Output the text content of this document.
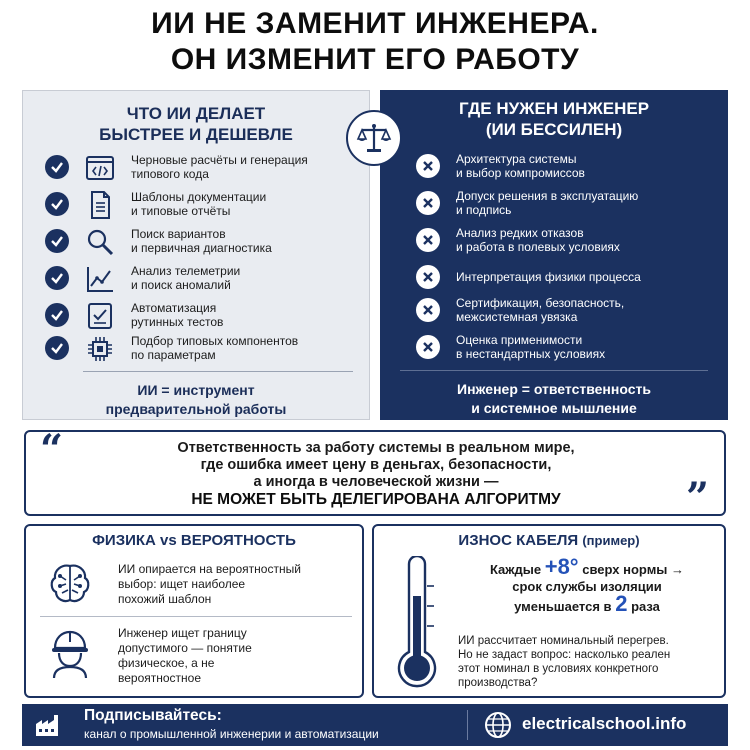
ИИ НЕ ЗАМЕНИТ ИНЖЕНЕРА.
ОН ИЗМЕНИТ ЕГО РАБОТУ
ЧТО ИИ ДЕЛАЕТ
БЫСТРЕЕ И ДЕШЕВЛЕ
Черновые расчёты и генерация
типового кода
Шаблоны документации
и типовые отчёты
Поиск вариантов
и первичная диагностика
Анализ телеметрии
и поиск аномалий
Автоматизация
рутинных тестов
Подбор типовых компонентов
по параметрам
ИИ = инструмент
предварительной работы
ГДЕ НУЖЕН ИНЖЕНЕР
(ИИ БЕССИЛЕН)
Архитектура системы
и выбор компромиссов
Допуск решения в эксплуатацию
и подпись
Анализ редких отказов
и работа в полевых условиях
Интерпретация физики процесса
Сертификация, безопасность,
межсистемная увязка
Оценка применимости
в нестандартных условиях
Инженер = ответственность
и системное мышление
“	Ответственность за работу системы в реальном мире,
где ошибка имеет цену в деньгах, безопасности,
а иногда в человеческой жизни —
НЕ МОЖЕТ БЫТЬ ДЕЛЕГИРОВАНА АЛГОРИТМУ	”
ФИЗИКА vs ВЕРОЯТНОСТЬ
ИИ опирается на вероятностный
выбор: ищет наиболее
похожий шаблон
Инженер ищет границу
допустимого — понятие
физическое, а не
вероятностное
ИЗНОС КАБЕЛЯ (пример)
Каждые +8° сверх нормы →
срок службы изоляции
уменьшается в 2 раза
ИИ рассчитает номинальный перегрев.
Но не задаст вопрос: насколько реален
этот номинал в условиях конкретного
производства?
Подписывайтесь:
канал о промышленной инженерии и автоматизации
electricalschool.info
